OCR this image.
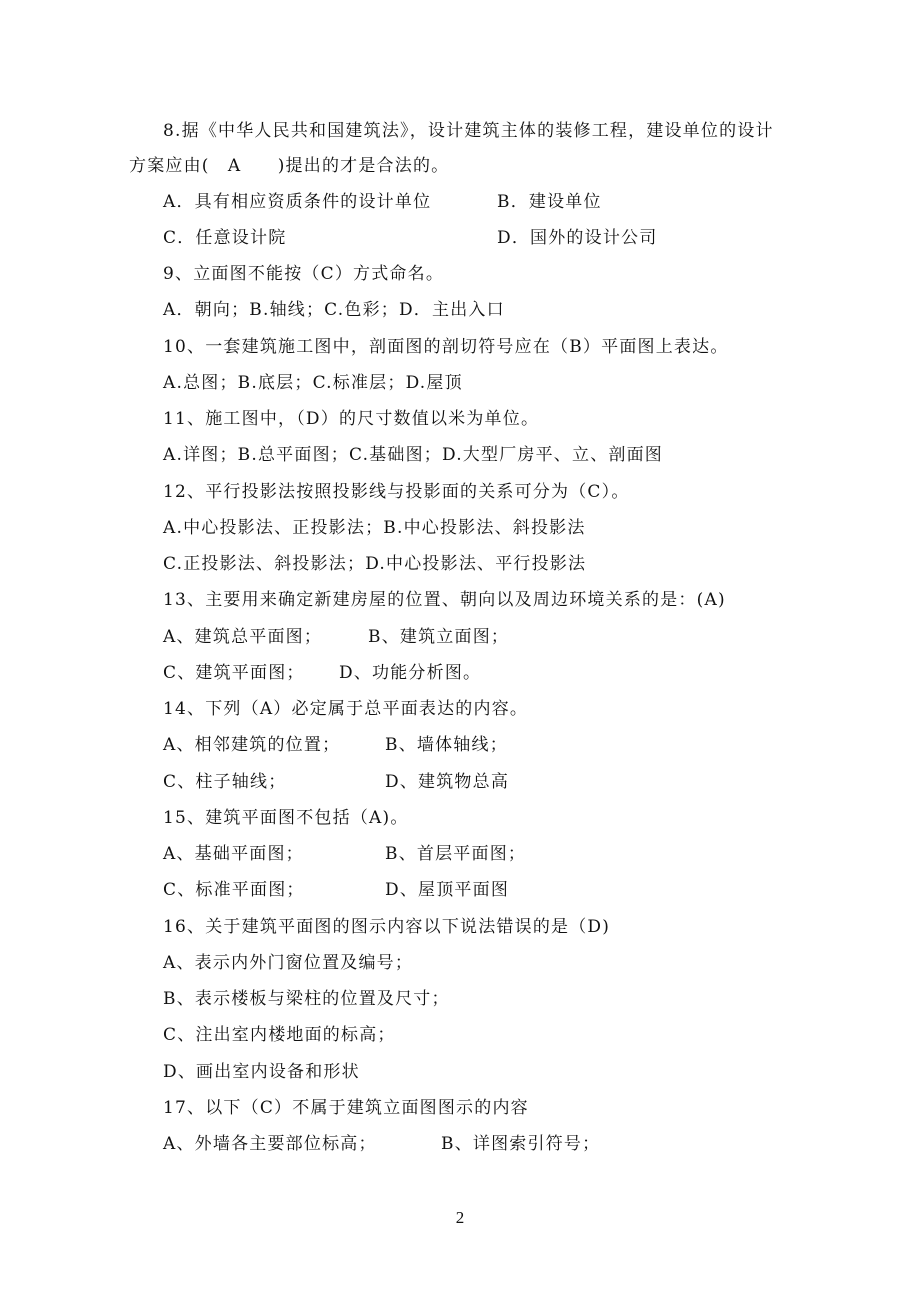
8.据《中华人民共和国建筑法》，设计建筑主体的装修工程，建设单位的设计
方案应由(　A　　)提出的才是合法的。
A．具有相应资质条件的设计单位	B．建设单位
C．任意设计院	D．国外的设计公司
9、立面图不能按（C）方式命名。
A．朝向；B.轴线；C.色彩；D．主出入口
10、一套建筑施工图中，剖面图的剖切符号应在（B）平面图上表达。
A.总图；B.底层；C.标准层；D.屋顶
11、施工图中，（D）的尺寸数值以米为单位。
A.详图；B.总平面图；C.基础图；D.大型厂房平、立、剖面图
12、平行投影法按照投影线与投影面的关系可分为（C）。
A.中心投影法、正投影法；B.中心投影法、斜投影法
C.正投影法、斜投影法；D.中心投影法、平行投影法
13、主要用来确定新建房屋的位置、朝向以及周边环境关系的是：(A)
A、建筑总平面图；	B、建筑立面图；
C、建筑平面图； D、功能分析图。
14、下列（A）必定属于总平面表达的内容。
A、相邻建筑的位置；	B、墙体轴线；
C、柱子轴线；	D、建筑物总高
15、建筑平面图不包括（A)。
A、基础平面图；	B、首层平面图；
C、标准平面图；	D、屋顶平面图
16、关于建筑平面图的图示内容以下说法错误的是（D)
A、表示内外门窗位置及编号；
B、表示楼板与梁柱的位置及尺寸；
C、注出室内楼地面的标高；
D、画出室内设备和形状
17、以下（C）不属于建筑立面图图示的内容
A、外墙各主要部位标高；	B、详图索引符号；
2
